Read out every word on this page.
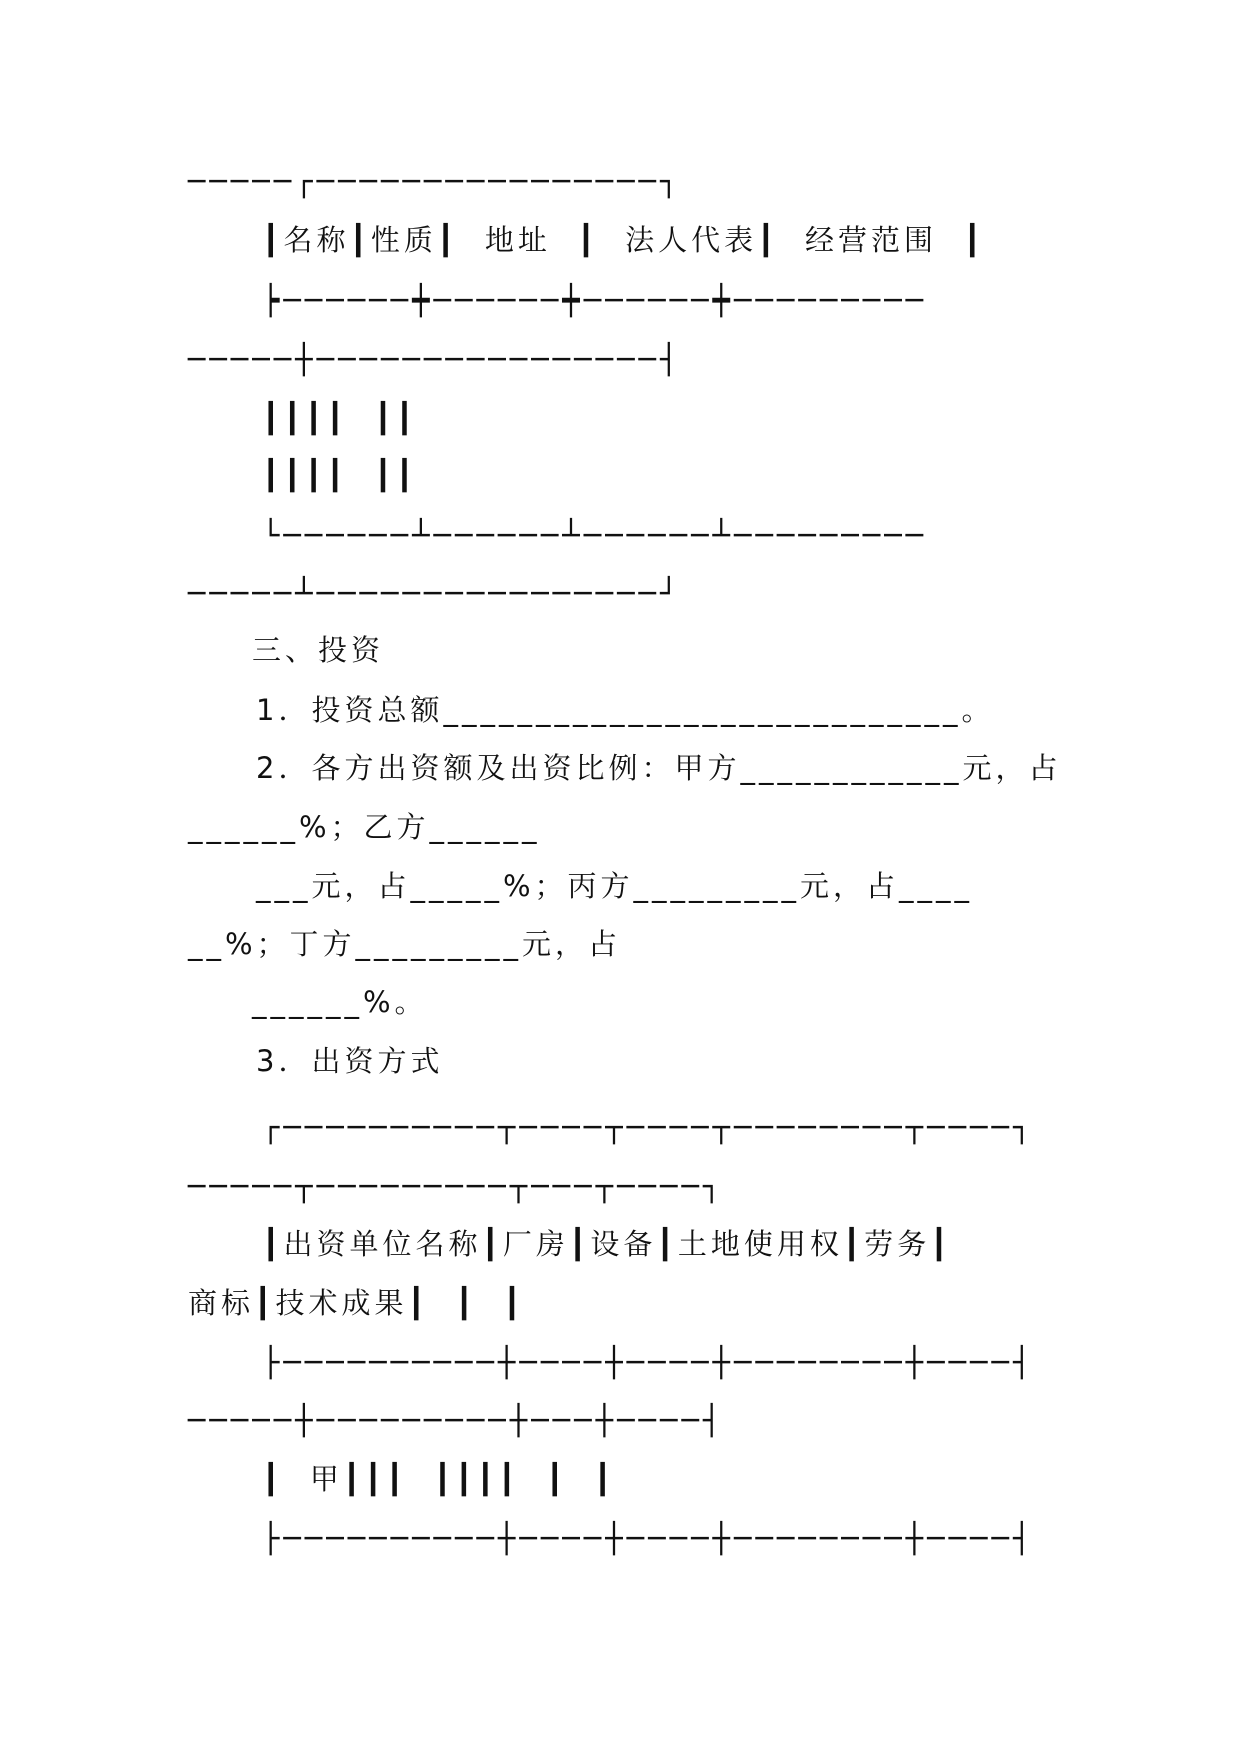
─────┌────────────────┐
┃名称┃性质┃  地址  ┃  法人代表┃  经营范围  ┃
┝──────┿──────┿──────┿─────────
─────┼────────────────┤
┃┃┃┃  ┃┃
┃┃┃┃  ┃┃
└──────┴──────┴──────┴─────────
─────┴────────────────┘
三、投资
1．投资总额____________________________。
2．各方出资额及出资比例：甲方____________元，占
______%；乙方______
___元，占_____%；丙方_________元，占____
__%；丁方_________元，占
______%。
3．出资方式
┌──────────┬────┬────┬────────┬────┐
─────┬─────────┬───┬────┐
┃出资单位名称┃厂房┃设备┃土地使用权┃劳务┃
商标┃技术成果┃  ┃  ┃
├──────────┼────┼────┼────────┼────┤
─────┼─────────┼───┼────┤
┃  甲┃┃┃  ┃┃┃┃  ┃  ┃
├──────────┼────┼────┼────────┼────┤
